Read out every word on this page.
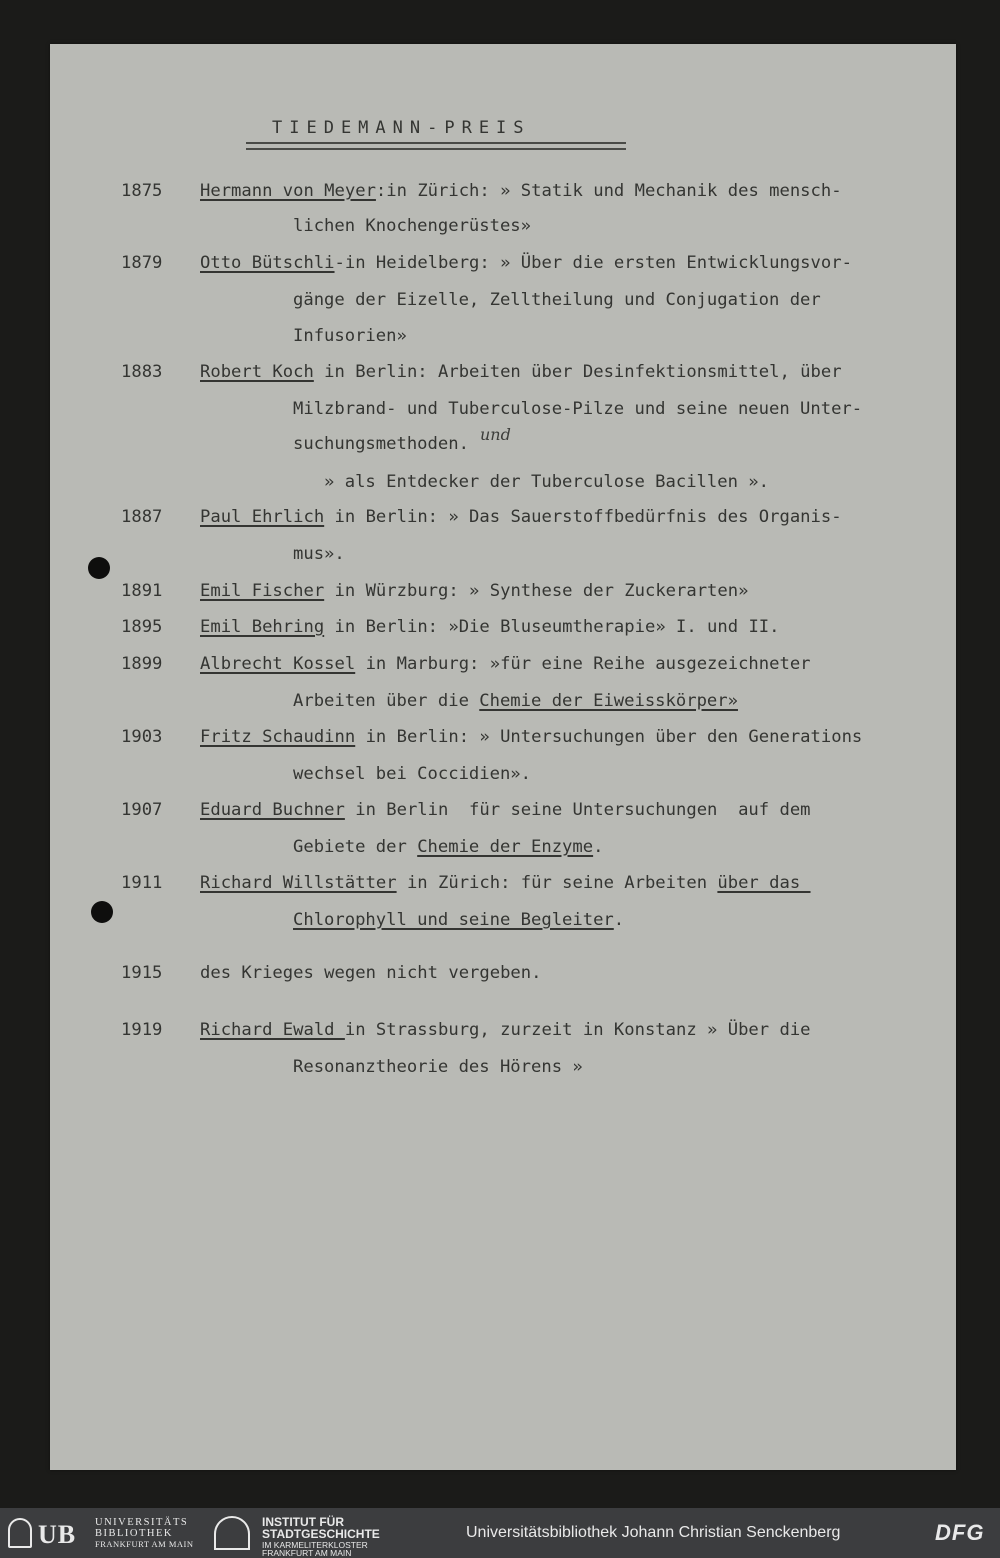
TIEDEMANN-PREIS
1875 Hermann von Meyer:in Zürich: » Statik und Mechanik des mensch-
lichen Knochengerüstes»
1879 Otto Bütschli-in Heidelberg: » Über die ersten Entwicklungsvor-
gänge der Eizelle, Zelltheilung und Conjugation der
Infusorien»
1883 Robert Koch in Berlin: Arbeiten über Desinfektionsmittel, über
Milzbrand- und Tuberculose-Pilze und seine neuen Unter-
suchungsmethoden.
» als Entdecker der Tuberculose Bacillen ».
1887 Paul Ehrlich in Berlin: » Das Sauerstoffbedürfnis des Organis-
mus».
1891 Emil Fischer in Würzburg: » Synthese der Zuckerarten»
1895 Emil Behring in Berlin: »Die Bluseumtherapie» I. und II.
1899 Albrecht Kossel in Marburg: »für eine Reihe ausgezeichneter
Arbeiten über die Chemie der Eiweisskörper»
1903 Fritz Schaudinn in Berlin: » Untersuchungen über den Generations
wechsel bei Coccidien».
1907 Eduard Buchner in Berlin  für seine Untersuchungen  auf dem
Gebiete der Chemie der Enzyme.
1911 Richard Willstätter in Zürich: für seine Arbeiten über das
Chlorophyll und seine Begleiter.
1915 des Krieges wegen nicht vergeben.
1919 Richard Ewald in Strassburg, zurzeit in Konstanz » Über die
Resonanztheorie des Hörens »
und
UB UNIVERSITÄTS
BIBLIOTHEK
FRANKFURT AM MAIN
INSTITUT FÜR
STADTGESCHICHTE
IM KARMELITERKLOSTER
FRANKFURT AM MAIN
Universitätsbibliothek Johann Christian Senckenberg	DFG
